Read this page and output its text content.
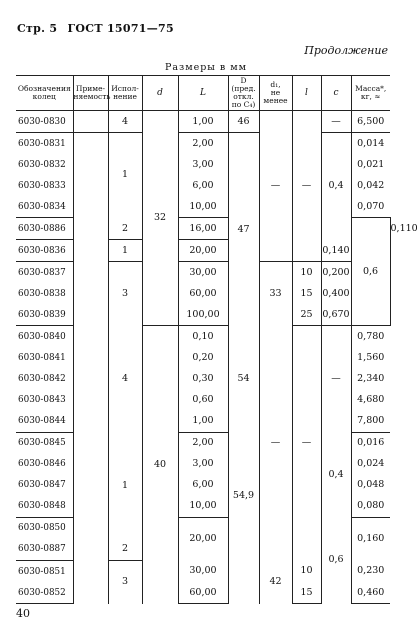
Стр. 5 ГОСТ 15071—75
Продолжение
Размеры в мм
Обозначения
колец	Приме-
няемость	Испол-
нение	d	L	D
(пред.
откл.
по C₄)	d₁,
не
менее	l	c	Масса*,
кг, ≈	
6030-0830		4	32	1,00	46	—	—	—	6,500	
6030-0831		1		2,00	47			0,4	0,014	
6030-0832				3,00					0,021	
6030-0833				6,00					0,042	
6030-0834				10,00					0,070	
6030-0886		2		16,00					0,6	0,110
6030-0836		1		20,00				0,140		
6030-0837		3		30,00		33	10	0,200		
6030-0838				60,00			15	0,400		
6030-0839				100,00			25	0,670		
6030-0840		4	40	0,10	54	—	—	—	0,780	
6030-0841				0,20					1,560	
6030-0842				0,30					2,340	
6030-0843				0,60					4,680	
6030-0844				1,00					7,800	
6030-0845		1		2,00	54,9			0,4	0,016	
6030-0846				3,00					0,024	
6030-0847				6,00					0,048	
6030-0848				10,00					0,080	
6030-0850				20,00				0,6	0,160	
6030-0887		2								
6030-0851		3		30,00		42	10		0,230	
6030-0852				60,00			15		0,460	
40
